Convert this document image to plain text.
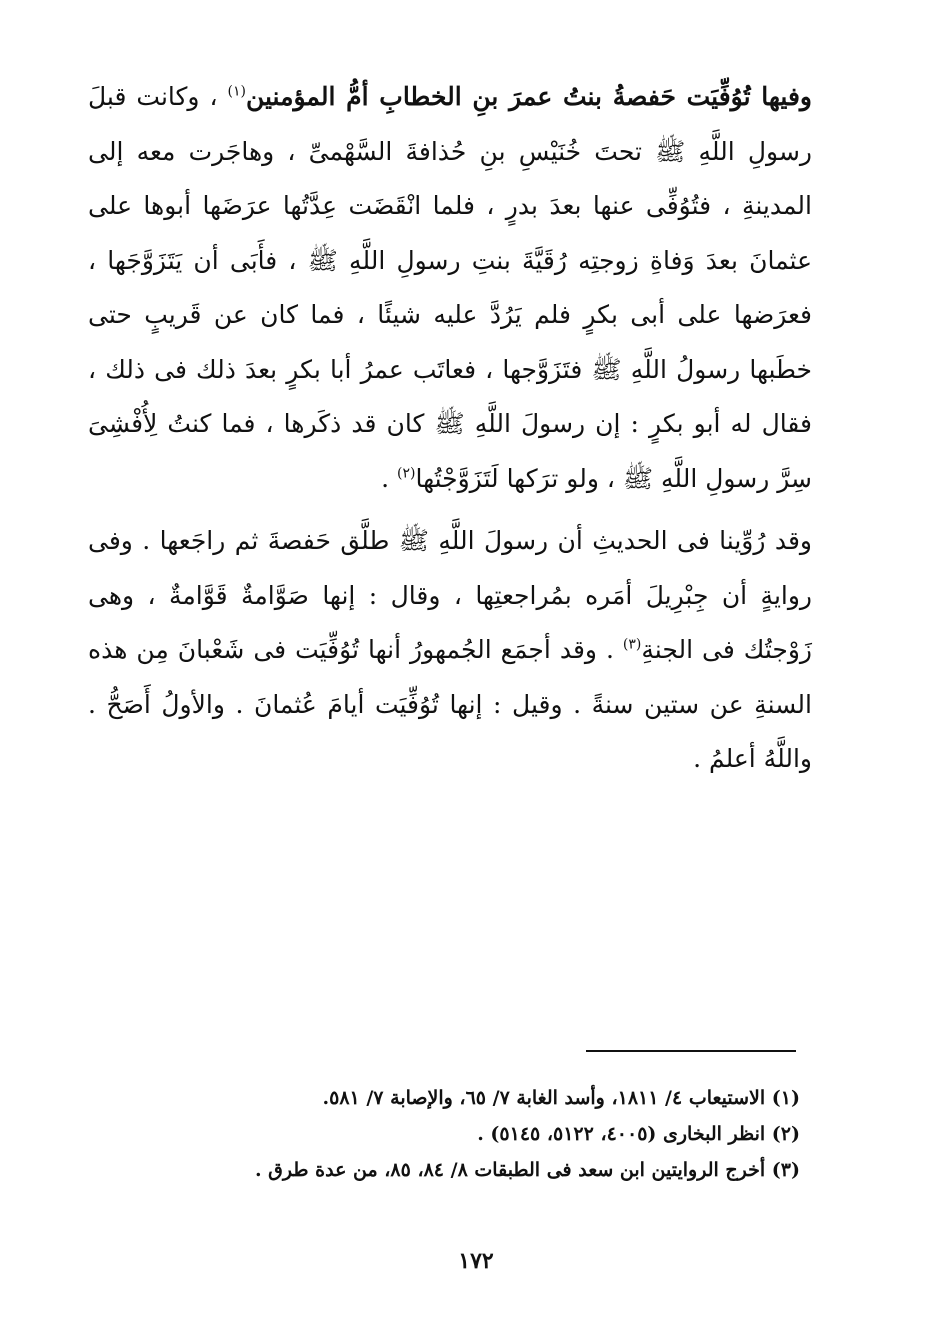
وفيها تُوُفِّيَت حَفصةُ بنتُ عمرَ بنِ الخطابِ أمُّ المؤمنين$^{(١)}$ ، وكانت قبلَ رسولِ اللَّهِ ﷺ تحتَ خُنَيْسِ بنِ حُذافةَ السَّهْمىِّ ، وهاجَرت معه إلى المدينةِ ، فتُوُفِّى عنها بعدَ بدرٍ ، فلما انْقَضَت عِدَّتُها عرَضَها أبوها على عثمانَ بعدَ وَفاةِ زوجتِه رُقَيَّةَ بنتِ رسولِ اللَّهِ ﷺ ، فأَبَى أن يَتَزَوَّجَها ، فعرَضها على أبى بكرٍ فلم يَرُدَّ عليه شيئًا ، فما كان عن قَريبٍ حتى خطَبها رسولُ اللَّهِ ﷺ فتَزَوَّجها ، فعاتَب عمرُ أبا بكرٍ بعدَ ذلك فى ذلك ، فقال له أبو بكرٍ : إن رسولَ اللَّهِ ﷺ كان قد ذكَرها ، فما كنتُ لِأُفْشِىَ سِرَّ رسولِ اللَّهِ ﷺ ، ولو ترَكها لَتَزَوَّجْتُها$^{(٢)}$ .

وقد رُوِّينا فى الحديثِ أن رسولَ اللَّهِ ﷺ طلَّق حَفصةَ ثم راجَعها . وفى روايةٍ أن جِبْرِيلَ أمَره بمُراجعتِها ، وقال : إنها صَوَّامةٌ قَوَّامةٌ ، وهى زَوْجتُك فى الجنةِ$^{(٣)}$ . وقد أجمَع الجُمهورُ أنها تُوُفِّيَت فى شَعْبانَ مِن هذه السنةِ عن ستين سنةً . وقيل : إنها تُوُفِّيَت أيامَ عُثمانَ . والأولُ أَصَحُّ . واللَّهُ أعلمُ .

(١) الاستيعاب ٤/ ١٨١١، وأسد الغابة ٧/ ٦٥، والإصابة ٧/ ٥٨١.

(٢) انظر البخارى (٤٠٠٥، ٥١٢٢، ٥١٤٥) .

(٣) أخرج الروايتين ابن سعد فى الطبقات ٨/ ٨٤، ٨٥، من عدة طرق .

١٧٢
